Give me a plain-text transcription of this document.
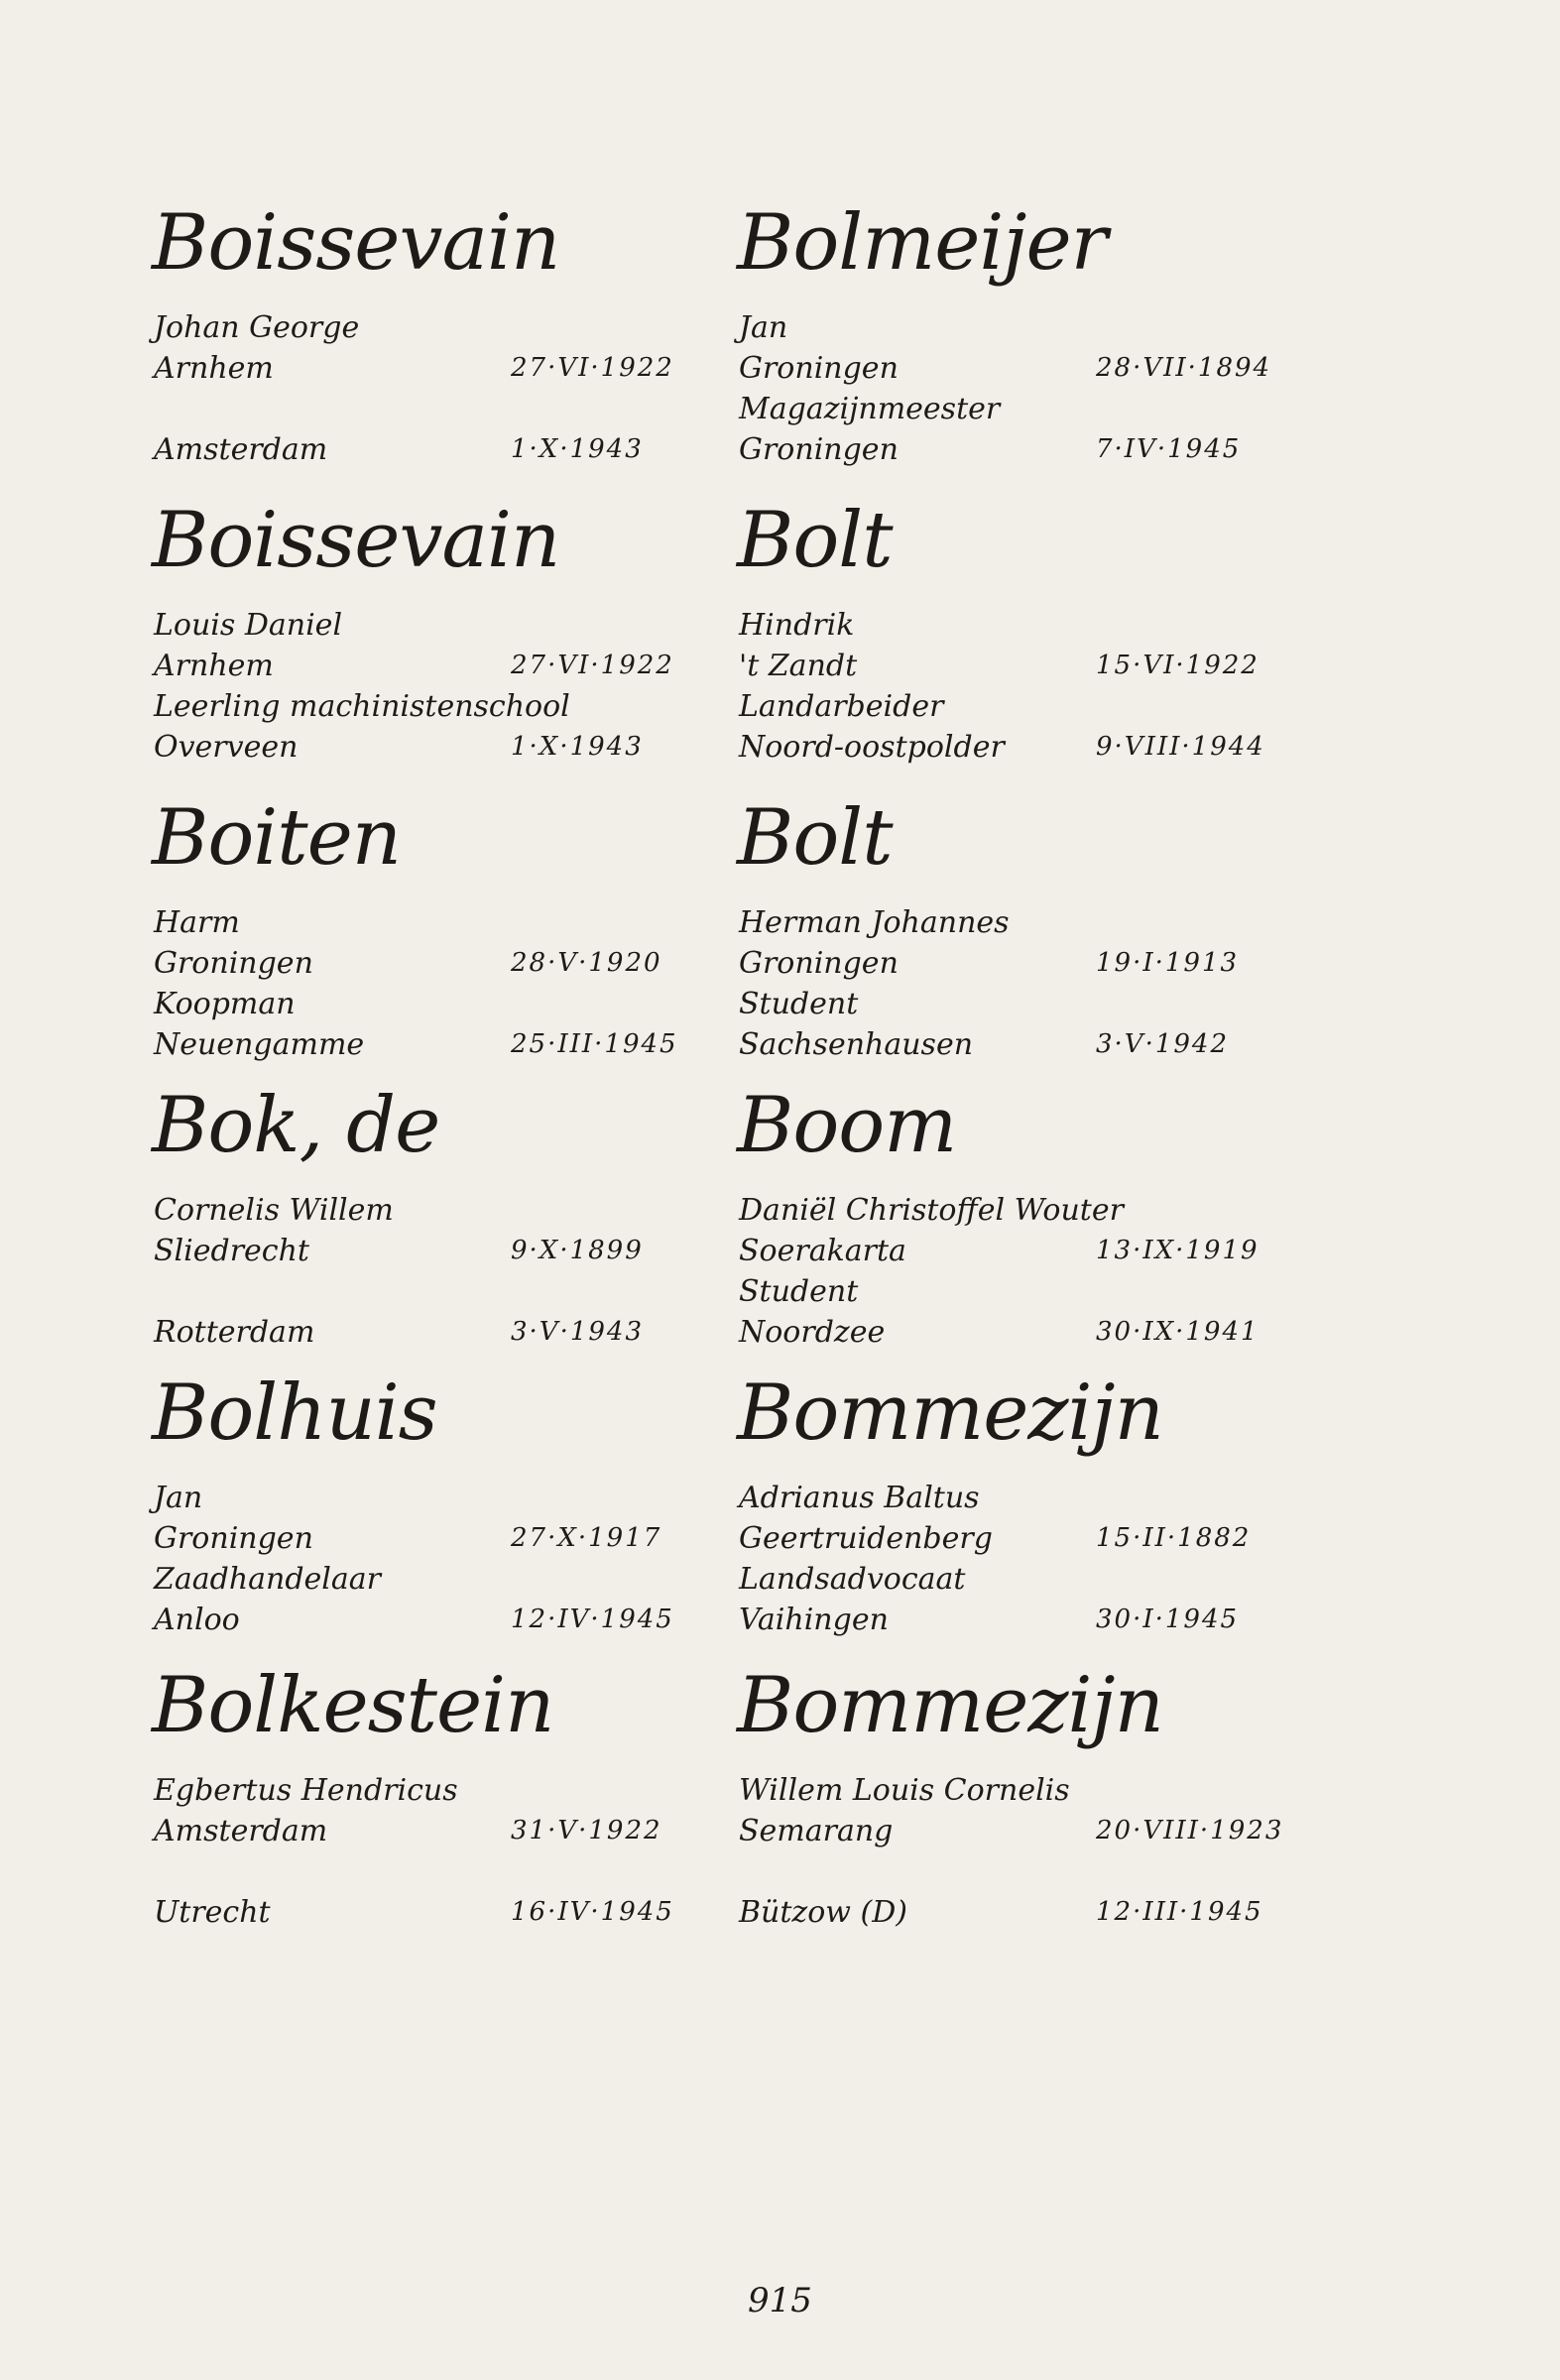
Boissevain
Johan George
Arnhem	27·VI·1922
Amsterdam	1·X·1943
Boissevain
Louis Daniel
Arnhem	27·VI·1922
Leerling machinistenschool
Overveen	1·X·1943
Boiten
Harm
Groningen	28·V·1920
Koopman
Neuengamme	25·III·1945
Bok, de
Cornelis Willem
Sliedrecht	9·X·1899
Rotterdam	3·V·1943
Bolhuis
Jan
Groningen	27·X·1917
Zaadhandelaar
Anloo	12·IV·1945
Bolkestein
Egbertus Hendricus
Amsterdam	31·V·1922
Utrecht	16·IV·1945
Bolmeijer
Jan
Groningen	28·VII·1894
Magazijnmeester
Groningen	7·IV·1945
Bolt
Hindrik
't Zandt	15·VI·1922
Landarbeider
Noord-oostpolder	9·VIII·1944
Bolt
Herman Johannes
Groningen	19·I·1913
Student
Sachsenhausen	3·V·1942
Boom
Daniël Christoffel Wouter
Soerakarta	13·IX·1919
Student
Noordzee	30·IX·1941
Bommezijn
Adrianus Baltus
Geertruidenberg	15·II·1882
Landsadvocaat
Vaihingen	30·I·1945
Bommezijn
Willem Louis Cornelis
Semarang	20·VIII·1923
Bützow (D)	12·III·1945
915
